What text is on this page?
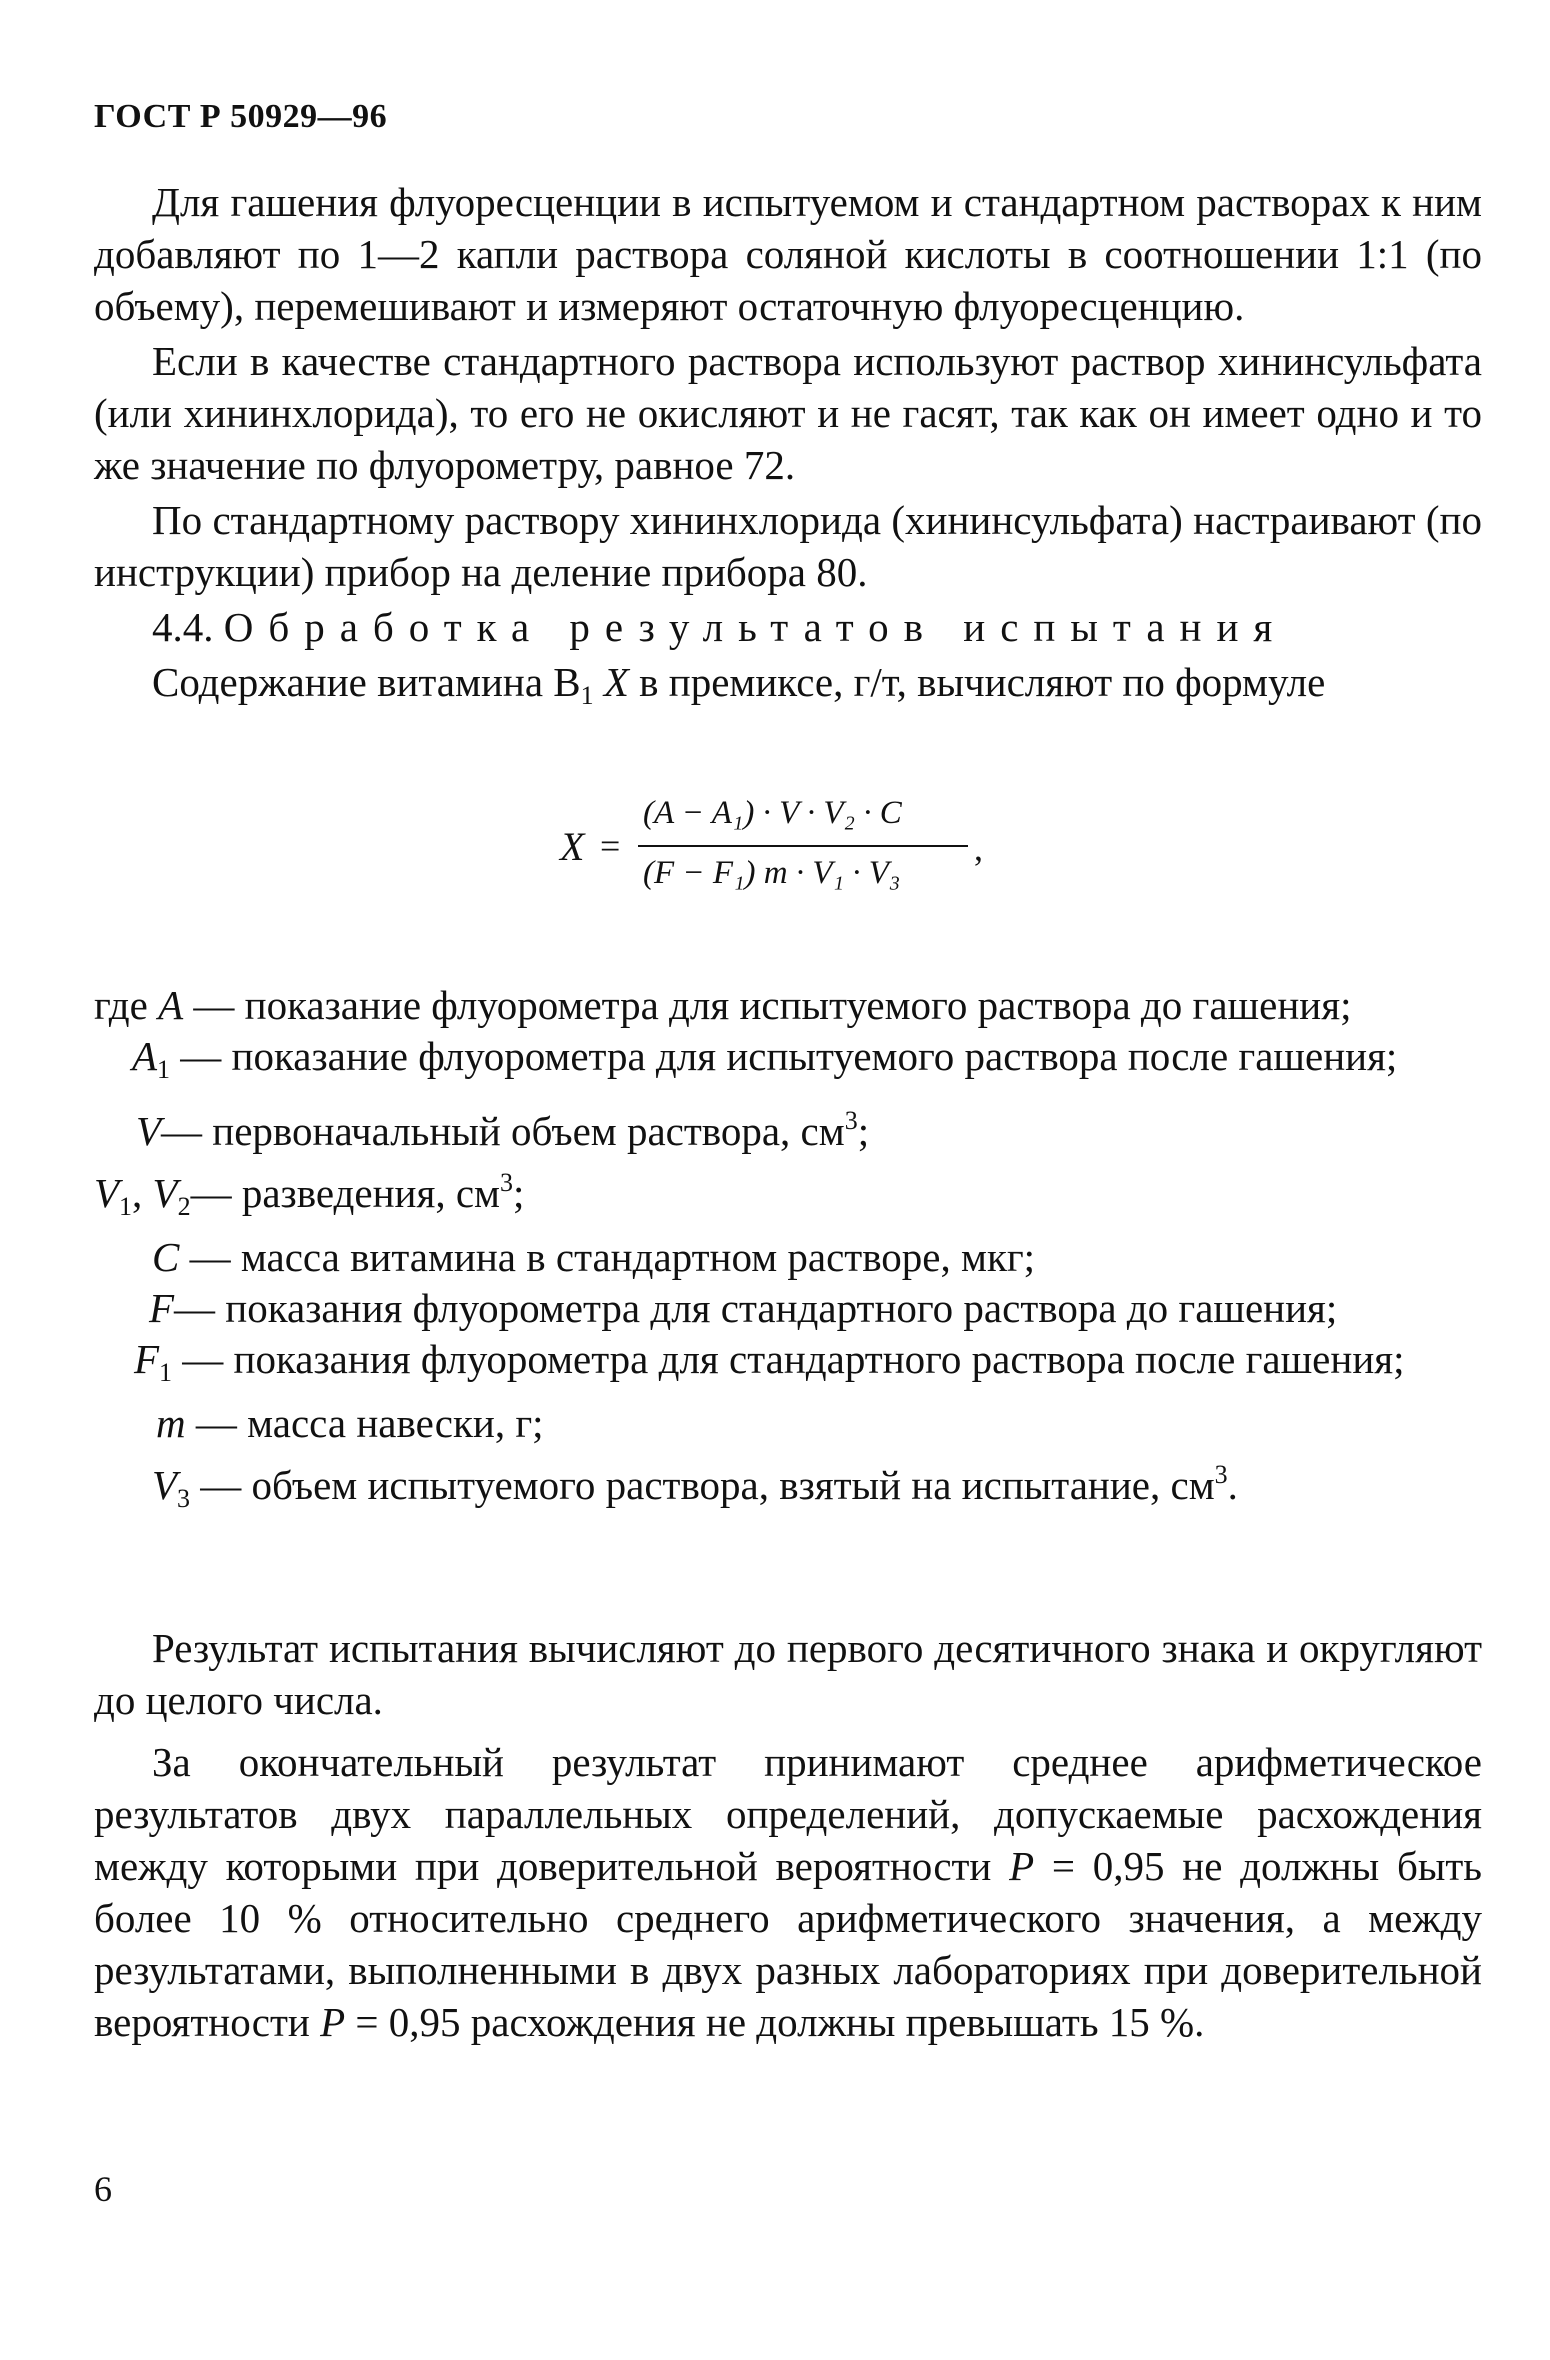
ГОСТ Р 50929—96

Для гашения флуоресценции в испытуемом и стандартном растворах к ним добавляют по 1—2 капли раствора соляной кислоты в соотношении 1:1 (по объему), перемешивают и измеряют остаточную флуоресценцию.

Если в качестве стандартного раствора используют раствор хининсульфата (или хининхлорида), то его не окисляют и не гасят, так как он имеет одно и то же значение по флуорометру, равное 72.

По стандартному раствору хининхлорида (хининсульфата) настраивают (по инструкции) прибор на деление прибора 80.

4.4. Обработка результатов испытания

Содержание витамина $В_1$ X в премиксе, г/т, вычисляют по формуле

X =
(A − A₁) · V · V₂ · C
(F − F₁) m · V₁ · V₃
,
где A — показание флуорометра для испытуемого раствора до гашения;
$A_1$ — показание флуорометра для испытуемого раствора после гашения;
V— первоначальный объем раствора, $см^3$;
$V_1$, $V_2—$ разведения, $см^3$;
C — масса витамина в стандартном растворе, мкг;
F— показания флуорометра для стандартного раствора до гашения;
$F_1$ — показания флуорометра для стандартного раствора после гашения;
m — масса навески, г;
$V_3$ — объем испытуемого раствора, взятый на испытание, $см^3$.

Результат испытания вычисляют до первого десятичного знака и округляют до целого числа.

За окончательный результат принимают среднее арифметическое результатов двух параллельных определений, допускаемые расхождения между которыми при доверительной вероятности P = 0,95 не должны быть более 10 % относительно среднего арифметического значения, а между результатами, выполненными в двух разных лабораториях при доверительной вероятности P = 0,95 расхождения не должны превышать 15 %.

6
